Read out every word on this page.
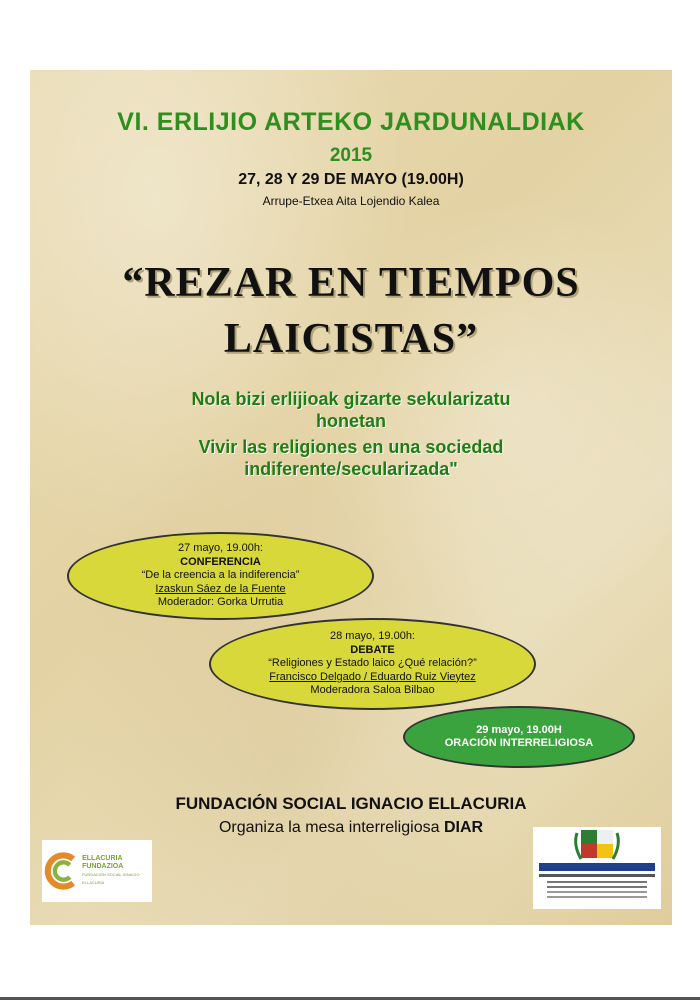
VI. ERLIJIO ARTEKO JARDUNALDIAK
2015
27, 28 Y 29 DE MAYO (19.00H)
Arrupe-Etxea Aita Lojendio Kalea
“REZAR EN TIEMPOS
LAICISTAS”
Nola bizi erlijioak gizarte sekularizatu
honetan
Vivir las religiones en una sociedad
indiferente/secularizada"
27 mayo, 19.00h:
CONFERENCIA
“De la creencia a la indiferencia”
Izaskun Sáez de la Fuente
Moderador: Gorka Urrutia
28 mayo, 19.00h:
DEBATE
“Religiones y Estado laico ¿Qué relación?”
Francisco Delgado / Eduardo Ruiz Vieytez
Moderadora Saloa Bilbao
29 mayo, 19.00H
ORACIÓN INTERRELIGIOSA
FUNDACIÓN SOCIAL IGNACIO ELLACURIA
Organiza la mesa interreligiosa DIAR
ELLACURIA
FUNDAZIOA
FUNDACIÓN SOCIAL IGNACIO ELLACURIA
